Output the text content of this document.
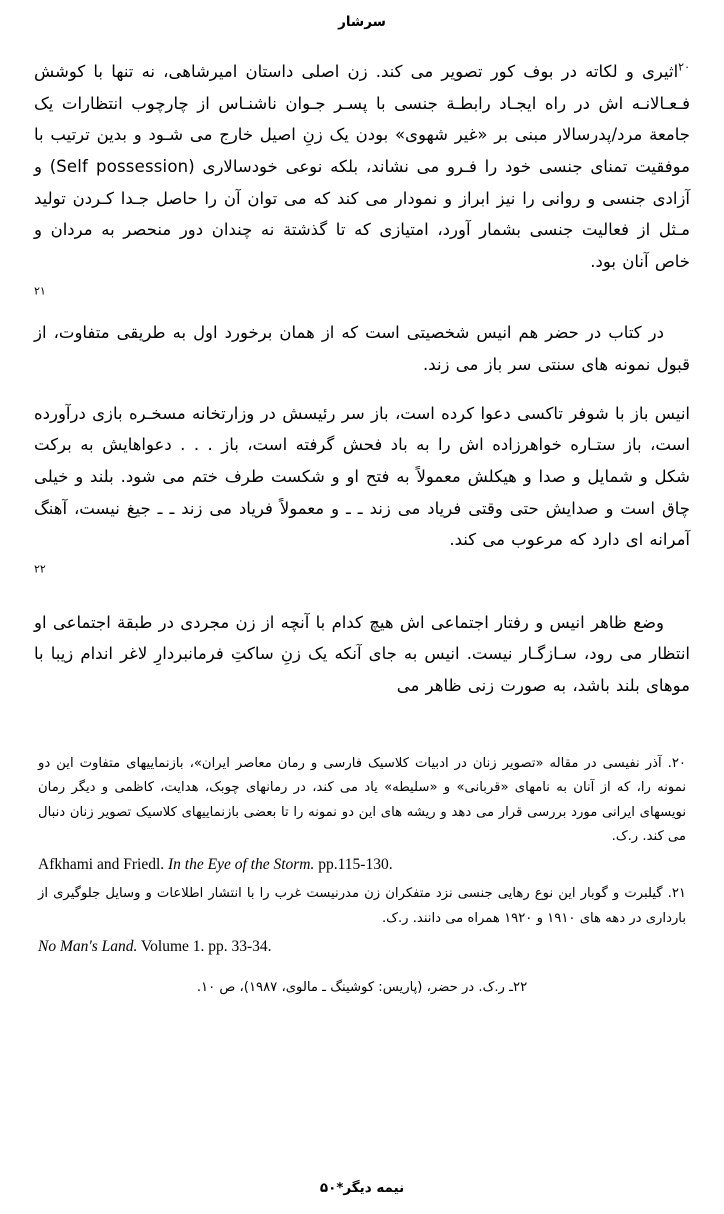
سرشار

$^{۲۰}$اثیری و لکاته در بوف کور تصویر می کند. زن اصلی داستان امیرشاهی، نه تنها با کوشش فـعـالانـه اش در راه ایجـاد رابطـة جنسی با پسـر جـوان ناشنـاس از چارچوب انتظارات یک جامعة مرد/پدرسالار مبنی بر «غیر شهوی» بودن یک زنِ اصیل خارج می شـود و بدین ترتیب با موفقیت تمنای جنسی خود را فـرو می نشاند، بلکه نوعی خودسالاری (Self possession) و آزادی جنسی و روانی را نیز ابراز و نمودار می کند که می توان آن را حاصل جـدا کـردن تولید مـثل از فعالیت جنسی بشمار آورد، امتیازی که تا گذشتة نه چندان دور منحصر به مردان و خاص آنان بود.

$^{۲۱}$

در کتاب در حضر هم انیس شخصیتی است که از همان برخورد اول به طریقی متفاوت، از قبول نمونه های سنتی سر باز می زند.

انیس باز با شوفر تاکسی دعوا کرده است، باز سر رئیسش در وزارتخانه مسخـره بازی درآورده است، باز ستـاره خواهرزاده اش را به باد فحش گرفته است، باز . . . دعواهایش به برکت شکل و شمایل و صدا و هیکلش معمولاً به فتح او و شکست طرف ختم می شود. بلند و خیلی چاق است و صدایش حتی وقتی فریاد می زند ـ ـ و معمولاً فریاد می زند ـ ـ جیغ نیست، آهنگ آمرانه ای دارد که مرعوب می کند.

$^{۲۲}$

وضع ظاهر انیس و رفتار اجتماعی اش هیچ کدام با آنچه از زن مجردی در طبقة اجتماعی او انتظار می رود، سـازگـار نیست. انیس به جای آنکه یک زنِ ساکتِ فرمانبردارِ لاغر اندام زیبا با موهای بلند باشد، به صورت زنی ظاهر می

۲۰. آذر نفیسی در مقاله «تصویر زنان در ادبیات کلاسیک فارسی و رمان معاصر ایران»، بازنماییهای متفاوت این دو نمونه را، که از آنان به نامهای «قربانی» و «سلیطه» یاد می کند، در رمانهای چوبک، هدایت، کاظمی و دیگر رمان نویسهای ایرانی مورد بررسی قرار می دهد و ریشه های این دو نمونه را تا بعضی بازنماییهای کلاسیک تصویر زنان دنبال می کند. ر.ک.

Afkhami and Friedl. In the Eye of the Storm. pp.115-130.

۲۱. گیلبرت و گوبار این نوع رهایی جنسی نزد متفکران زن مدرنیست غرب را با انتشار اطلاعات و وسایل جلوگیری از بارداری در دهه های ۱۹۱۰ و ۱۹۲۰ همراه می دانند. ر.ک.

No Man's Land. Volume 1. pp. 33-34.

۲۲ـ ر.ک. در حضر، (پاریس: کوشینگ ـ مالوی، ۱۹۸۷)، ص ۱۰.

نیمه دیگر*۵۰
